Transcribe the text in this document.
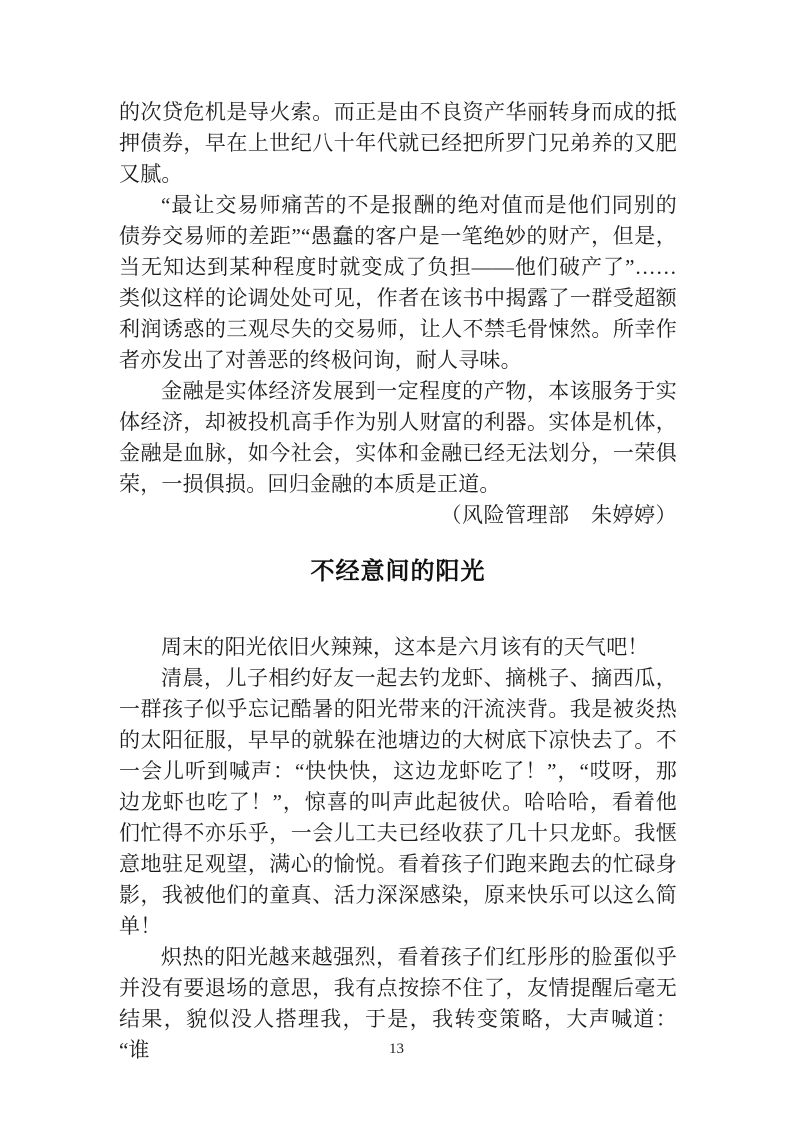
的次贷危机是导火索。而正是由不良资产华丽转身而成的抵押债券，早在上世纪八十年代就已经把所罗门兄弟养的又肥又腻。

“最让交易师痛苦的不是报酬的绝对值而是他们同别的债券交易师的差距”“愚蠢的客户是一笔绝妙的财产，但是，当无知达到某种程度时就变成了负担——他们破产了”……类似这样的论调处处可见，作者在该书中揭露了一群受超额利润诱惑的三观尽失的交易师，让人不禁毛骨悚然。所幸作者亦发出了对善恶的终极问询，耐人寻味。

金融是实体经济发展到一定程度的产物，本该服务于实体经济，却被投机高手作为别人财富的利器。实体是机体，金融是血脉，如今社会，实体和金融已经无法划分，一荣俱荣，一损俱损。回归金融的本质是正道。

（风险管理部　朱婷婷）

不经意间的阳光

周末的阳光依旧火辣辣，这本是六月该有的天气吧！

清晨，儿子相约好友一起去钓龙虾、摘桃子、摘西瓜，一群孩子似乎忘记酷暑的阳光带来的汗流浃背。我是被炎热的太阳征服，早早的就躲在池塘边的大树底下凉快去了。不一会儿听到喊声：“快快快，这边龙虾吃了！”，“哎呀，那边龙虾也吃了！”，惊喜的叫声此起彼伏。哈哈哈，看着他们忙得不亦乐乎，一会儿工夫已经收获了几十只龙虾。我惬意地驻足观望，满心的愉悦。看着孩子们跑来跑去的忙碌身影，我被他们的童真、活力深深感染，原来快乐可以这么简单！

炽热的阳光越来越强烈，看着孩子们红彤彤的脸蛋似乎并没有要退场的意思，我有点按捺不住了，友情提醒后毫无结果，貌似没人搭理我，于是，我转变策略，大声喊道：“谁	13
